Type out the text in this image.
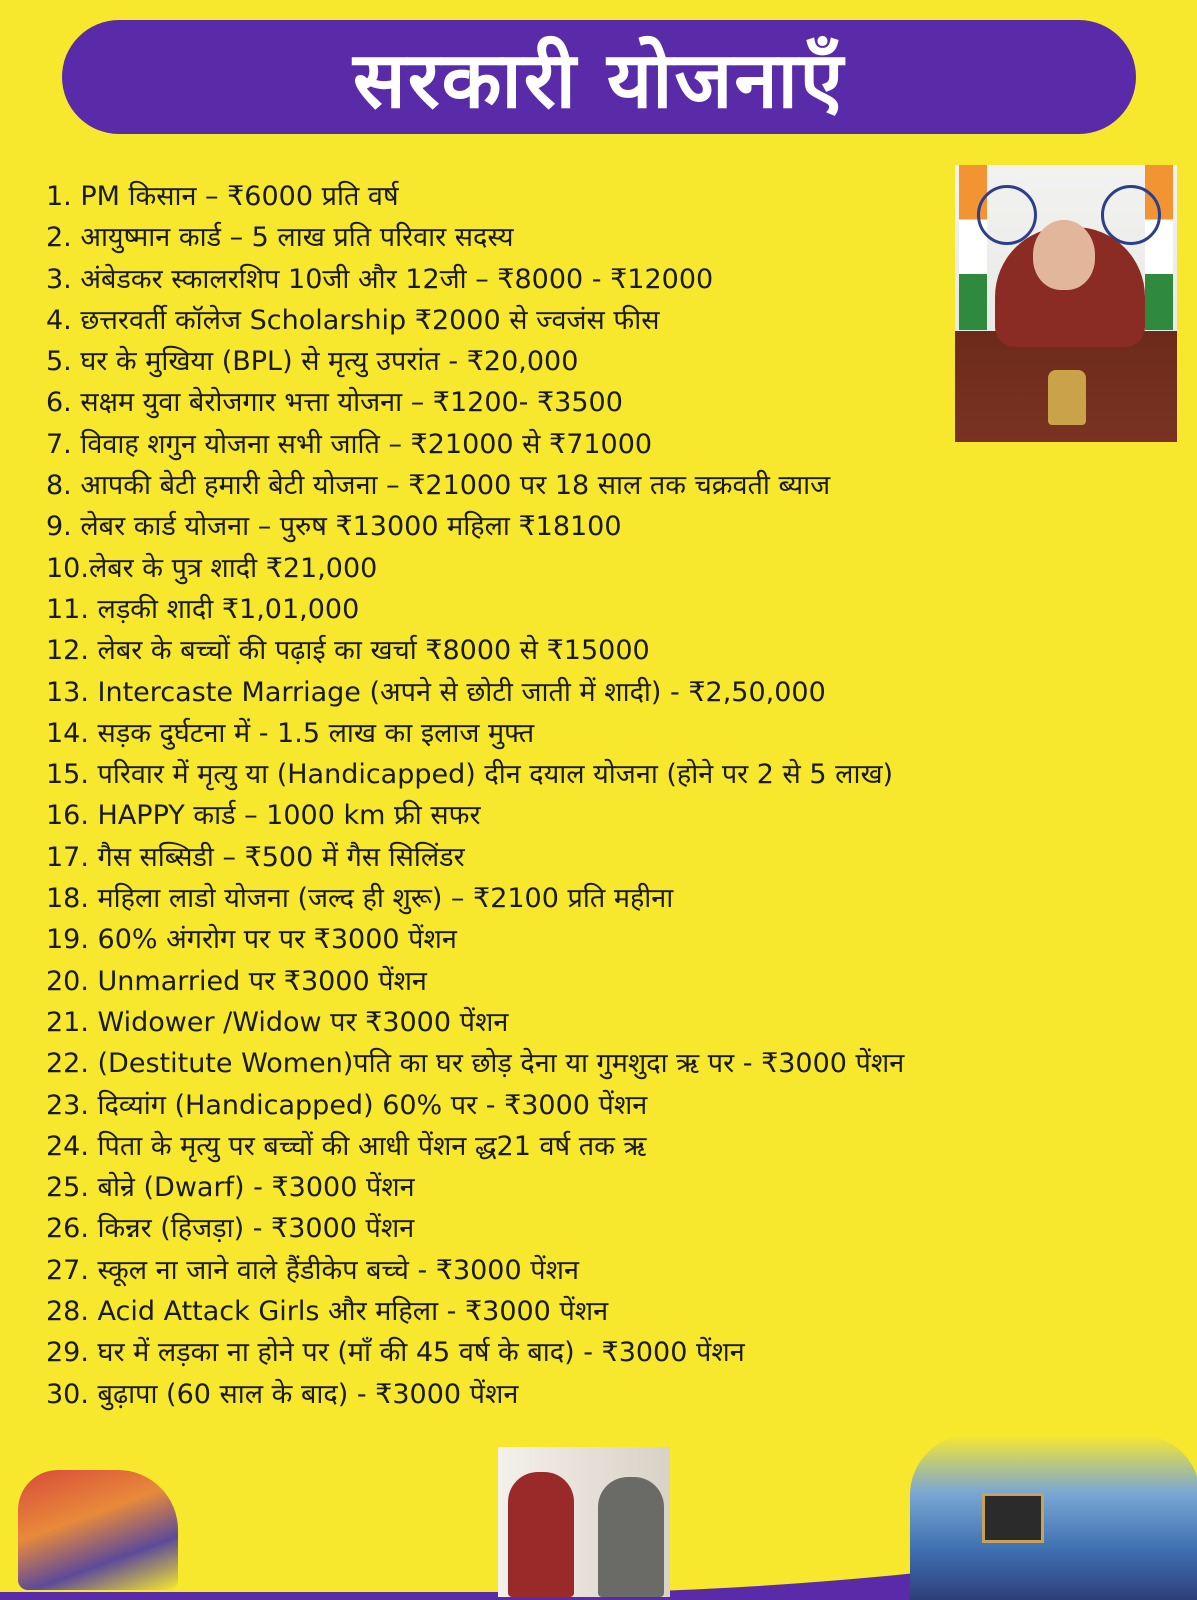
सरकारी योजनाएँ
1. PM किसान – ₹6000 प्रति वर्ष
2. आयुष्मान कार्ड – 5 लाख प्रति परिवार सदस्य
3. अंबेडकर स्कालरशिप 10जी और 12जी – ₹8000 - ₹12000
4. छत्तरवर्ती कॉलेज Scholarship ₹2000 से ज्वजंस फीस
5. घर के मुखिया (BPL) से मृत्यु उपरांत - ₹20,000
6. सक्षम युवा बेरोजगार भत्ता योजना – ₹1200- ₹3500
7. विवाह शगुन योजना सभी जाति – ₹21000 से ₹71000
8. आपकी बेटी हमारी बेटी योजना – ₹21000 पर 18 साल तक चक्रवती ब्याज
9. लेबर कार्ड योजना – पुरुष ₹13000 महिला ₹18100
10.लेबर के पुत्र शादी ₹21,000
11. लड़की शादी ₹1,01,000
12. लेबर के बच्चों की पढ़ाई का खर्चा ₹8000 से ₹15000
13. Intercaste Marriage (अपने से छोटी जाती में शादी) - ₹2,50,000
14. सड़क दुर्घटना में - 1.5 लाख का इलाज मुफ्त
15. परिवार में मृत्यु या (Handicapped) दीन दयाल योजना (होने पर 2 से 5 लाख)
16. HAPPY कार्ड – 1000 km फ्री सफर
17. गैस सब्सिडी – ₹500 में गैस सिलिंडर
18. महिला लाडो योजना (जल्द ही शुरू) – ₹2100 प्रति महीना
19. 60% अंगरोग पर पर ₹3000 पेंशन
20. Unmarried पर ₹3000 पेंशन
21. Widower /Widow पर ₹3000 पेंशन
22. (Destitute Women)पति का घर छोड़ देना या गुमशुदा ऋ पर - ₹3000 पेंशन
23. दिव्यांग (Handicapped) 60% पर - ₹3000 पेंशन
24. पिता के मृत्यु पर बच्चों की आधी पेंशन द्ध21 वर्ष तक ऋ
25. बोन्रे (Dwarf) - ₹3000 पेंशन
26. किन्नर (हिजड़ा) - ₹3000 पेंशन
27. स्कूल ना जाने वाले हैंडीकेप बच्चे - ₹3000 पेंशन
28. Acid Attack Girls और महिला - ₹3000 पेंशन
29. घर में लड़का ना होने पर (माँ की 45 वर्ष के बाद) - ₹3000 पेंशन
30. बुढ़ापा (60 साल के बाद) - ₹3000 पेंशन
